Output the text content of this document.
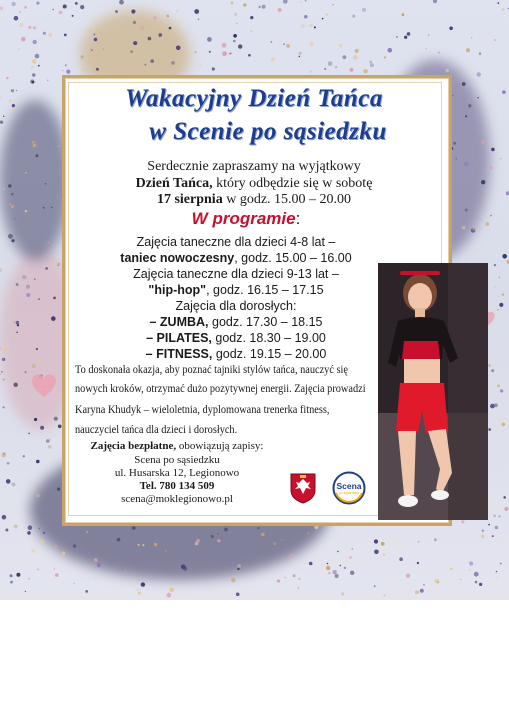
Wakacyjny Dzień Tańca
w Scenie po sąsiedzku
Serdecznie zapraszamy na wyjątkowy
Dzień Tańca, który odbędzie się w sobotę
17 sierpnia w godz. 15.00 – 20.00
W programie:
Zajęcia taneczne dla dzieci 4-8 lat –
taniec nowoczesny, godz. 15.00 – 16.00
Zajęcia taneczne dla dzieci 9-13 lat –
"hip-hop", godz. 16.15 – 17.15
Zajęcia dla dorosłych:
– ZUMBA, godz. 17.30 – 18.15
– PILATES, godz. 18.30 – 19.00
– FITNESS, godz. 19.15 – 20.00
To doskonała okazja, aby poznać tajniki stylów tańca, nauczyć się
nowych kroków, otrzymać dużo pozytywnej energii. Zajęcia prowadzi
Karyna Khudyk – wieloletnia, dyplomowana trenerka fitness,
nauczyciel tańca dla dzieci i dorosłych.
Zajęcia bezpłatne, obowiązują zapisy:
Scena po sąsiedzku
ul. Husarska 12, Legionowo
Tel. 780 134 509
scena@moklegionowo.pl
Scena
po sąsiedzku
